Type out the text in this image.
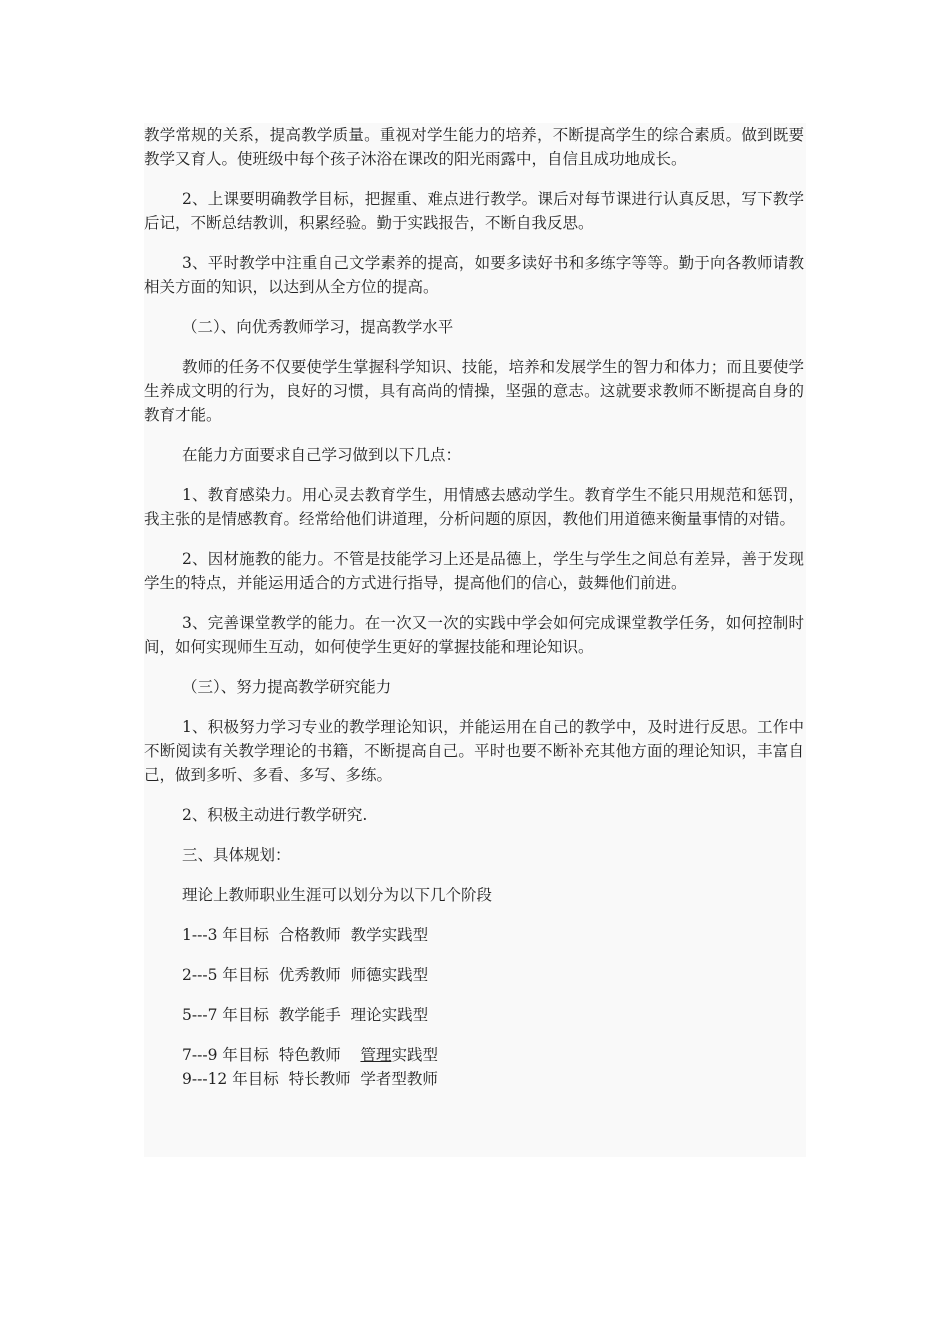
教学常规的关系，提高教学质量。重视对学生能力的培养，不断提高学生的综合素质。做到既要教学又育人。使班级中每个孩子沐浴在课改的阳光雨露中，自信且成功地成长。

2、上课要明确教学目标，把握重、难点进行教学。课后对每节课进行认真反思，写下教学后记，不断总结教训，积累经验。勤于实践报告，不断自我反思。

3、平时教学中注重自己文学素养的提高，如要多读好书和多练字等等。勤于向各教师请教相关方面的知识，以达到从全方位的提高。

（二）、向优秀教师学习，提高教学水平

教师的任务不仅要使学生掌握科学知识、技能，培养和发展学生的智力和体力；而且要使学生养成文明的行为，良好的习惯，具有高尚的情操，坚强的意志。这就要求教师不断提高自身的教育才能。

在能力方面要求自己学习做到以下几点：

1、教育感染力。用心灵去教育学生，用情感去感动学生。教育学生不能只用规范和惩罚，我主张的是情感教育。经常给他们讲道理，分析问题的原因，教他们用道德来衡量事情的对错。

2、因材施教的能力。不管是技能学习上还是品德上，学生与学生之间总有差异，善于发现学生的特点，并能运用适合的方式进行指导，提高他们的信心，鼓舞他们前进。

3、完善课堂教学的能力。在一次又一次的实践中学会如何完成课堂教学任务，如何控制时间，如何实现师生互动，如何使学生更好的掌握技能和理论知识。

（三）、努力提高教学研究能力

1、积极努力学习专业的教学理论知识，并能运用在自己的教学中，及时进行反思。工作中不断阅读有关教学理论的书籍，不断提高自己。平时也要不断补充其他方面的理论知识，丰富自己，做到多听、多看、多写、多练。

2、积极主动进行教学研究.

三、具体规划：

理论上教师职业生涯可以划分为以下几个阶段

1---3 年目标  合格教师  教学实践型

2---5 年目标  优秀教师  师德实践型

5---7 年目标  教学能手  理论实践型

7---9 年目标  特色教师    管理实践型

9---12 年目标  特长教师  学者型教师
